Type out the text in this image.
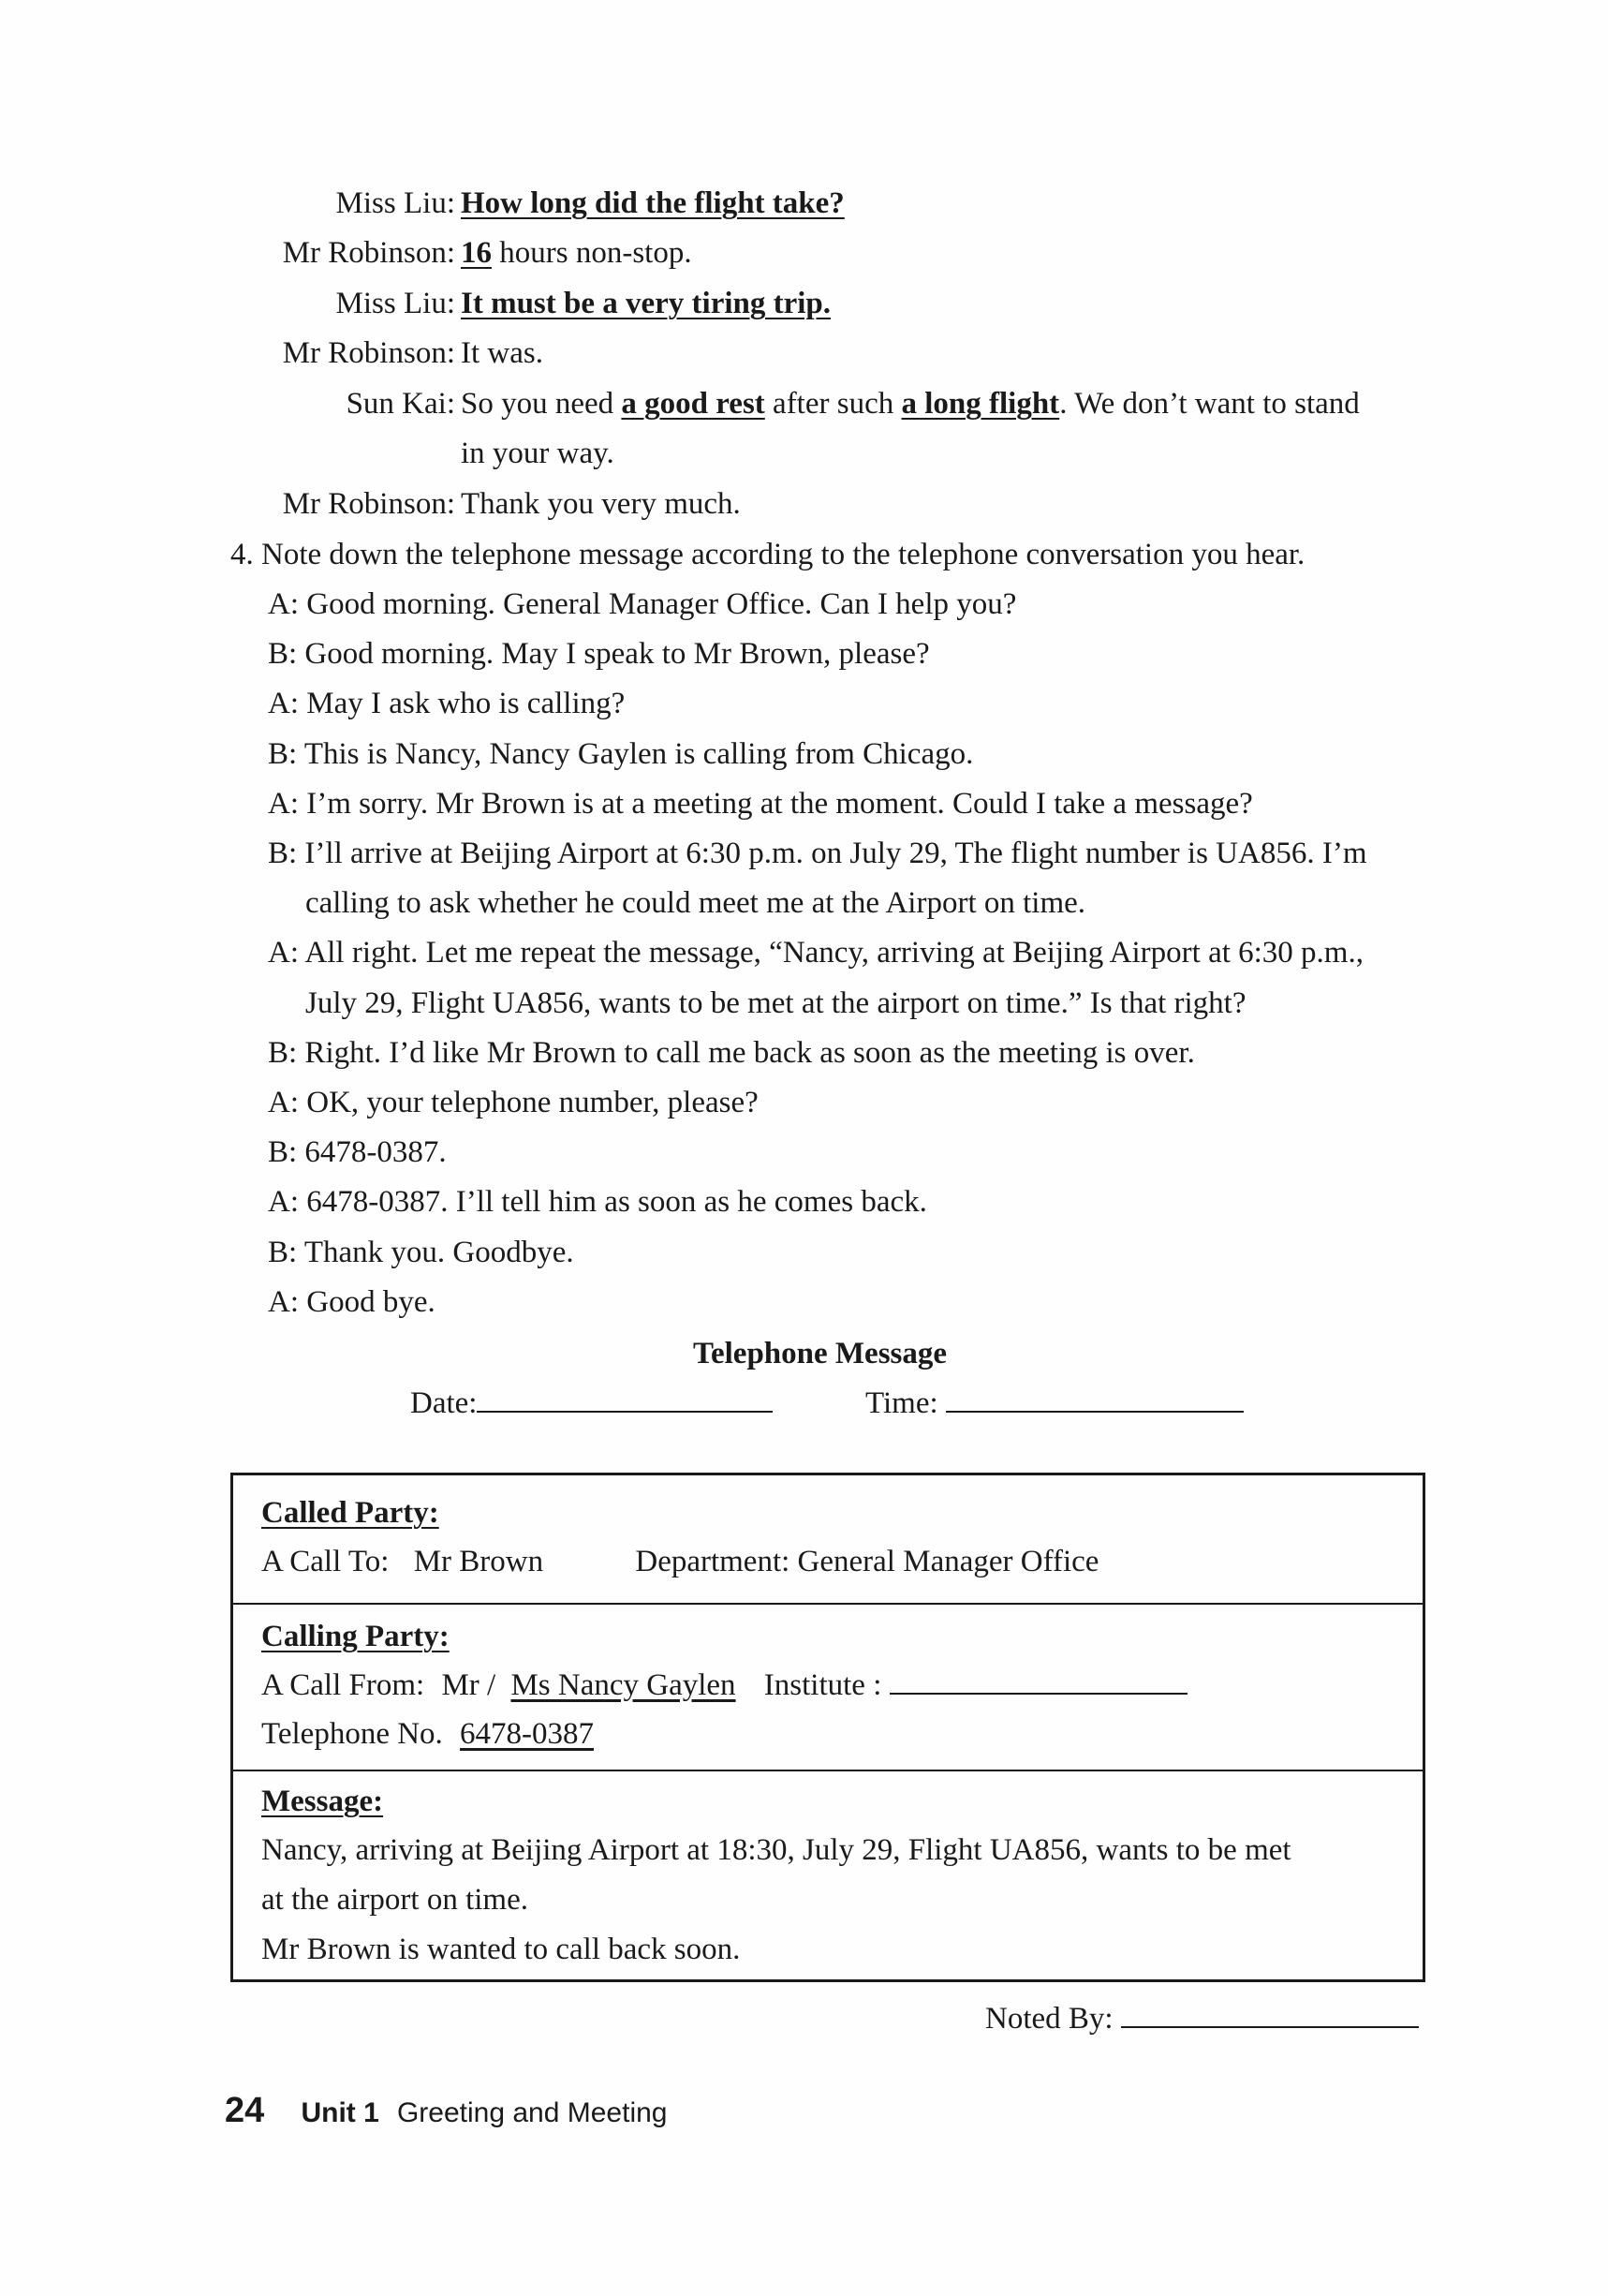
Miss Liu: How long did the flight take?
Mr Robinson: 16 hours non-stop.
Miss Liu: It must be a very tiring trip.
Mr Robinson: It was.
Sun Kai: So you need a good rest after such a long flight. We don’t want to stand
in your way.
Mr Robinson: Thank you very much.
4. Note down the telephone message according to the telephone conversation you hear.
A: Good morning. General Manager Office. Can I help you?
B: Good morning. May I speak to Mr Brown, please?
A: May I ask who is calling?
B: This is Nancy, Nancy Gaylen is calling from Chicago.
A: I’m sorry. Mr Brown is at a meeting at the moment. Could I take a message?
B: I’ll arrive at Beijing Airport at 6:30 p.m. on July 29, The flight number is UA856. I’m
calling to ask whether he could meet me at the Airport on time.
A: All right. Let me repeat the message, “Nancy, arriving at Beijing Airport at 6:30 p.m.,
July 29, Flight UA856, wants to be met at the airport on time.” Is that right?
B: Right. I’d like Mr Brown to call me back as soon as the meeting is over.
A: OK, your telephone number, please?
B: 6478-0387.
A: 6478-0387. I’ll tell him as soon as he comes back.
B: Thank you. Goodbye.
A: Good bye.
Telephone Message
Date:	Time:
Called Party:
A Call To: Mr Brown	Department: General Manager Office
Calling Party:
A Call From: Mr / Ms Nancy Gaylen Institute :
Telephone No. 6478-0387
Message:
Nancy, arriving at Beijing Airport at 18:30, July 29, Flight UA856, wants to be met
at the airport on time.
Mr Brown is wanted to call back soon.
Noted By:
24 Unit 1 Greeting and Meeting
